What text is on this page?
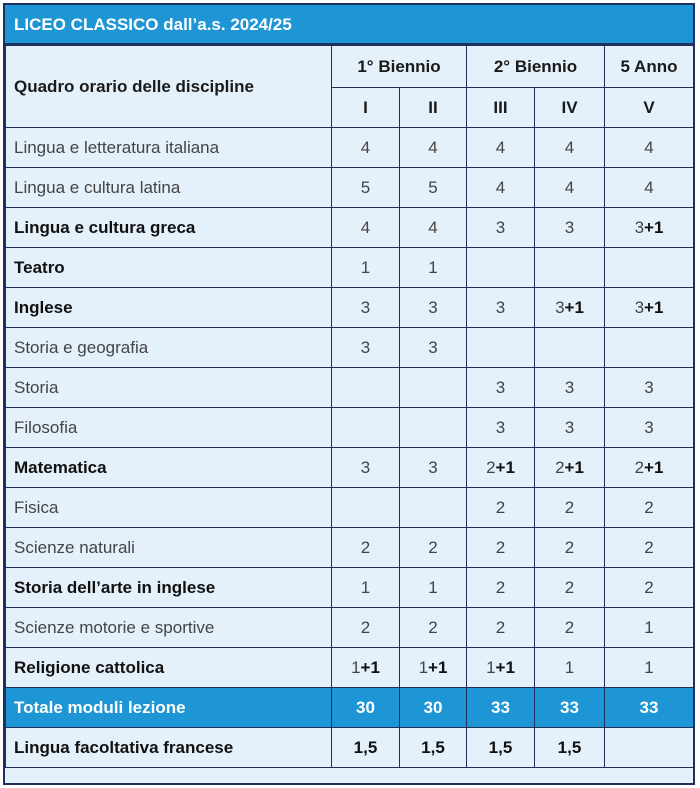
LICEO CLASSICO dall’a.s. 2024/25
Quadro orario delle discipline	1° Biennio		2° Biennio		5 Anno
	I	II	III	IV	V
Lingua e letteratura italiana	4	4	4	4	4
Lingua e cultura latina	5	5	4	4	4
Lingua e cultura greca	4	4	3	3	3+1
Teatro	1	1			
Inglese	3	3	3	3+1	3+1
Storia e geografia	3	3			
Storia			3	3	3
Filosofia			3	3	3
Matematica	3	3	2+1	2+1	2+1
Fisica			2	2	2
Scienze naturali	2	2	2	2	2
Storia dell’arte in inglese	1	1	2	2	2
Scienze motorie e sportive	2	2	2	2	1
Religione cattolica	1+1	1+1	1+1	1	1
Totale moduli lezione	30	30	33	33	33
Lingua facoltativa francese	1,5	1,5	1,5	1,5	
